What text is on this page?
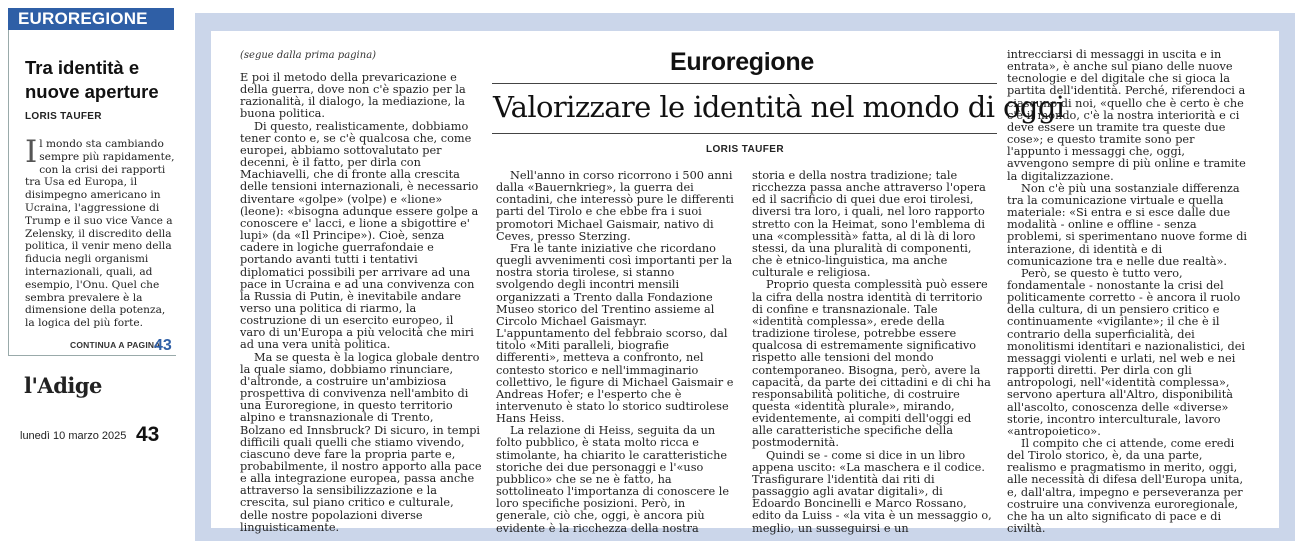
EUROREGIONE
Tra identità e nuove aperture
LORIS TAUFER

Il mondo sta cambiando sempre più rapidamente, con la crisi dei rapporti tra Usa ed Europa, il disimpegno americano in Ucraina, l'aggressione di Trump e il suo vice Vance a Zelensky, il discredito della politica, il venir meno della fiducia negli organismi internazionali, quali, ad esempio, l'Onu. Quel che sembra prevalere è la dimensione della potenza, la logica del più forte.

CONTINUA A PAGINA
43
l'Adige
lunedì 10 marzo 2025 43
(segue dalla prima pagina)	Euroregione
Valorizzare le identità nel mondo di oggi
LORIS TAUFER

E poi il metodo della prevaricazione e della guerra, dove non c'è spazio per la razionalità, il dialogo, la mediazione, la buona politica.

Di questo, realisticamente, dobbiamo tener conto e, se c'è qualcosa che, come europei, abbiamo sottovalutato per decenni, è il fatto, per dirla con Machiavelli, che di fronte alla crescita delle tensioni internazionali, è necessario diventare «golpe» (volpe) e «lione» (leone): «bisogna adunque essere golpe a conoscere e' lacci, e lione a sbigottire e' lupi» (da «Il Principe»). Cioè, senza cadere in logiche guerrafondaie e portando avanti tutti i tentativi diplomatici possibili per arrivare ad una pace in Ucraina e ad una convivenza con la Russia di Putin, è inevitabile andare verso una politica di riarmo, la costruzione di un esercito europeo, il varo di un'Europa a più velocità che miri ad una vera unità politica.

Ma se questa è la logica globale dentro la quale siamo, dobbiamo rinunciare, d'altronde, a costruire un'ambiziosa prospettiva di convivenza nell'ambito di una Euroregione, in questo territorio alpino e transnazionale di Trento, Bolzano ed Innsbruck? Di sicuro, in tempi difficili quali quelli che stiamo vivendo, ciascuno deve fare la propria parte e, probabilmente, il nostro apporto alla pace e alla integrazione europea, passa anche attraverso la sensibilizzazione e la crescita, sul piano critico e culturale, delle nostre popolazioni diverse linguisticamente.

Nell'anno in corso ricorrono i 500 anni dalla «Bauernkrieg», la guerra dei contadini, che interessò pure le differenti parti del Tirolo e che ebbe fra i suoi promotori Michael Gaismair, nativo di Ceves, presso Sterzing.

Fra le tante iniziative che ricordano quegli avvenimenti così importanti per la nostra storia tirolese, si stanno svolgendo degli incontri mensili organizzati a Trento dalla Fondazione Museo storico del Trentino assieme al Circolo Michael Gaismayr. L'appuntamento del febbraio scorso, dal titolo «Miti paralleli, biografie differenti», metteva a confronto, nel contesto storico e nell'immaginario collettivo, le figure di Michael Gaismair e Andreas Hofer; e l'esperto che è intervenuto è stato lo storico sudtirolese Hans Heiss.

La relazione di Heiss, seguita da un folto pubblico, è stata molto ricca e stimolante, ha chiarito le caratteristiche storiche dei due personaggi e l'«uso pubblico» che se ne è fatto, ha sottolineato l'importanza di conoscere le loro specifiche posizioni. Però, in generale, ciò che, oggi, è ancora più evidente è la ricchezza della nostra

storia e della nostra tradizione; tale ricchezza passa anche attraverso l'opera ed il sacrificio di quei due eroi tirolesi, diversi tra loro, i quali, nel loro rapporto stretto con la Heimat, sono l'emblema di una «complessità» fatta, al di là di loro stessi, da una pluralità di componenti, che è etnico-linguistica, ma anche culturale e religiosa.

Proprio questa complessità può essere la cifra della nostra identità di territorio di confine e transnazionale. Tale «identità complessa», erede della tradizione tirolese, potrebbe essere qualcosa di estremamente significativo rispetto alle tensioni del mondo contemporaneo. Bisogna, però, avere la capacità, da parte dei cittadini e di chi ha responsabilità politiche, di costruire questa «identità plurale», mirando, evidentemente, ai compiti dell'oggi ed alle caratteristiche specifiche della postmodernità.

Quindi se - come si dice in un libro appena uscito: «La maschera e il codice. Trasfigurare l'identità dai riti di passaggio agli avatar digitali», di Edoardo Boncinelli e Marco Rossano, edito da Luiss - «la vita è un messaggio o, meglio, un susseguirsi e un

intrecciarsi di messaggi in uscita e in entrata», è anche sul piano delle nuove tecnologie e del digitale che si gioca la partita dell'identità. Perché, riferendoci a ciascuno di noi, «quello che è certo è che c'è il mondo, c'è la nostra interiorità e ci deve essere un tramite tra queste due cose»; e questo tramite sono per l'appunto i messaggi che, oggi, avvengono sempre di più online e tramite la digitalizzazione.

Non c'è più una sostanziale differenza tra la comunicazione virtuale e quella materiale: «Si entra e si esce dalle due modalità - online e offline - senza problemi, si sperimentano nuove forme di interazione, di identità e di comunicazione tra e nelle due realtà».

Però, se questo è tutto vero, fondamentale - nonostante la crisi del politicamente corretto - è ancora il ruolo della cultura, di un pensiero critico e continuamente «vigilante»; il che è il contrario della superficialità, dei monolitismi identitari e nazionalistici, dei messaggi violenti e urlati, nel web e nei rapporti diretti. Per dirla con gli antropologi, nell'«identità complessa», servono apertura all'Altro, disponibilità all'ascolto, conoscenza delle «diverse» storie, incontro interculturale, lavoro «antropoietico».

Il compito che ci attende, come eredi del Tirolo storico, è, da una parte, realismo e pragmatismo in merito, oggi, alle necessità di difesa dell'Europa unita, e, dall'altra, impegno e perseveranza per costruire una convivenza euroregionale, che ha un alto significato di pace e di civiltà.
